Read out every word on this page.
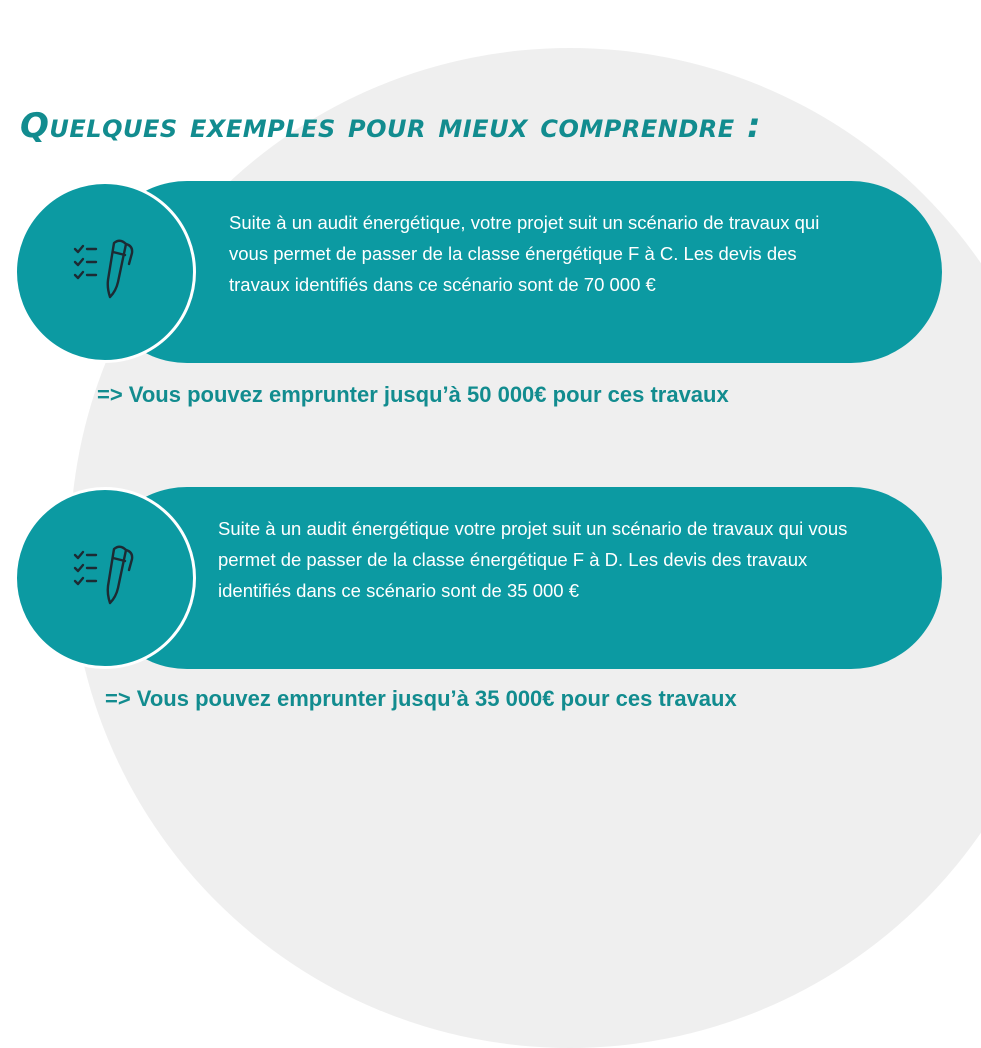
Quelques exemples pour mieux comprendre :

Suite à un audit énergétique, votre projet suit un scénario de travaux qui vous permet de passer de la classe énergétique F à C. Les devis des travaux identifiés dans ce scénario sont de 70 000 €

=> Vous pouvez emprunter jusqu’à 50 000€ pour ces travaux

Suite à un audit énergétique votre projet suit un scénario de travaux qui vous permet de passer de la classe énergétique F à D. Les devis des travaux identifiés dans ce scénario sont de 35 000 €

=> Vous pouvez emprunter jusqu’à 35 000€ pour ces travaux
